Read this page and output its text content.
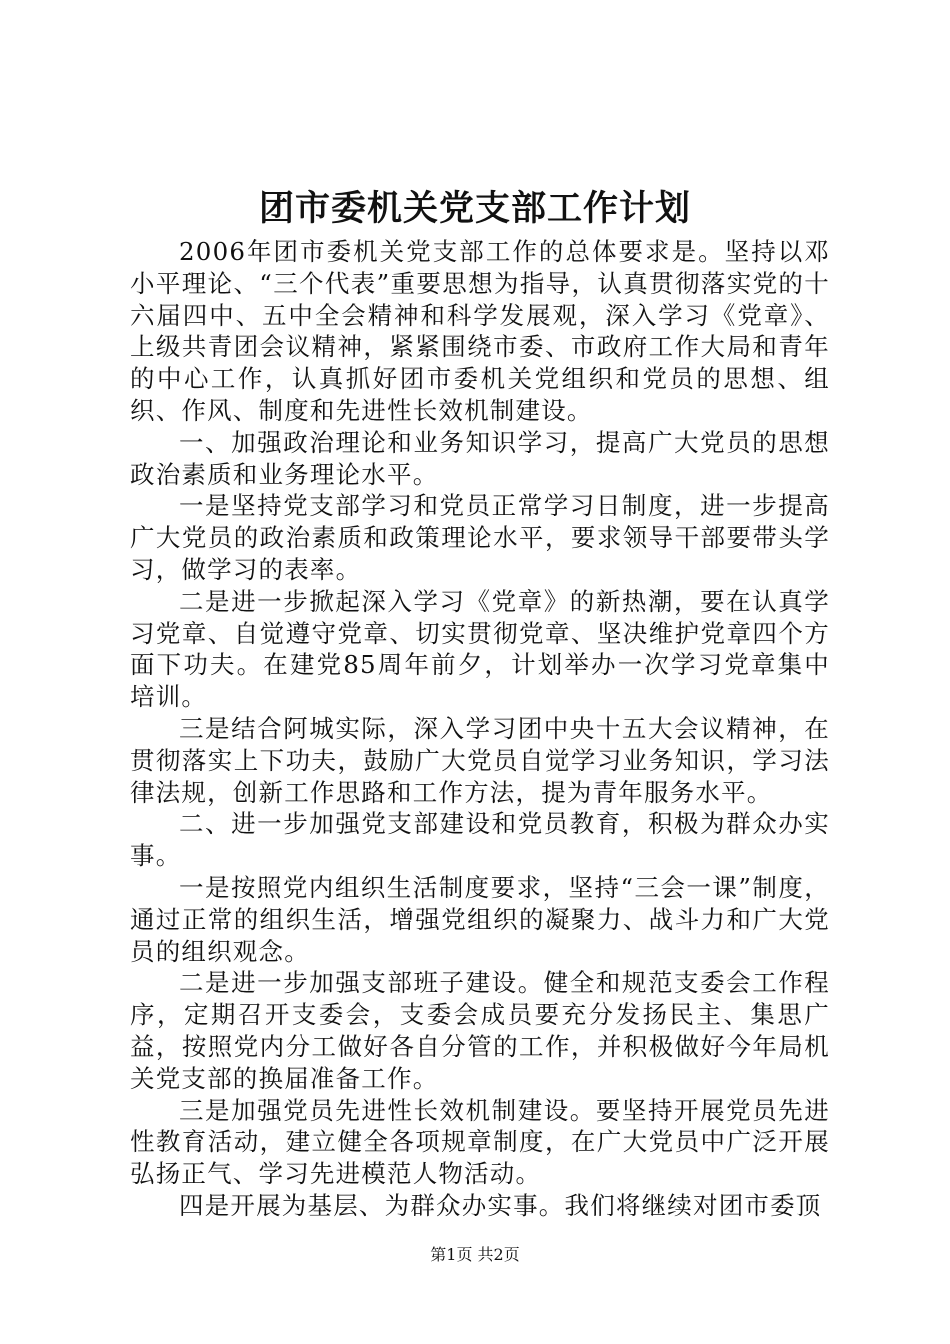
团市委机关党支部工作计划

2006年团市委机关党支部工作的总体要求是。坚持以邓小平理论、“三个代表”重要思想为指导，认真贯彻落实党的十六届四中、五中全会精神和科学发展观，深入学习《党章》、上级共青团会议精神，紧紧围绕市委、市政府工作大局和青年的中心工作，认真抓好团市委机关党组织和党员的思想、组织、作风、制度和先进性长效机制建设。

一、加强政治理论和业务知识学习，提高广大党员的思想政治素质和业务理论水平。

一是坚持党支部学习和党员正常学习日制度，进一步提高广大党员的政治素质和政策理论水平，要求领导干部要带头学习，做学习的表率。

二是进一步掀起深入学习《党章》的新热潮，要在认真学习党章、自觉遵守党章、切实贯彻党章、坚决维护党章四个方面下功夫。在建党85周年前夕，计划举办一次学习党章集中培训。

三是结合阿城实际，深入学习团中央十五大会议精神，在贯彻落实上下功夫，鼓励广大党员自觉学习业务知识，学习法律法规，创新工作思路和工作方法，提为青年服务水平。

二、进一步加强党支部建设和党员教育，积极为群众办实事。

一是按照党内组织生活制度要求，坚持“三会一课”制度，通过正常的组织生活，增强党组织的凝聚力、战斗力和广大党员的组织观念。

二是进一步加强支部班子建设。健全和规范支委会工作程序，定期召开支委会，支委会成员要充分发扬民主、集思广益，按照党内分工做好各自分管的工作，并积极做好今年局机关党支部的换届准备工作。

三是加强党员先进性长效机制建设。要坚持开展党员先进性教育活动，建立健全各项规章制度，在广大党员中广泛开展弘扬正气、学习先进模范人物活动。

四是开展为基层、为群众办实事。我们将继续对团市委顶

第1页 共2页
